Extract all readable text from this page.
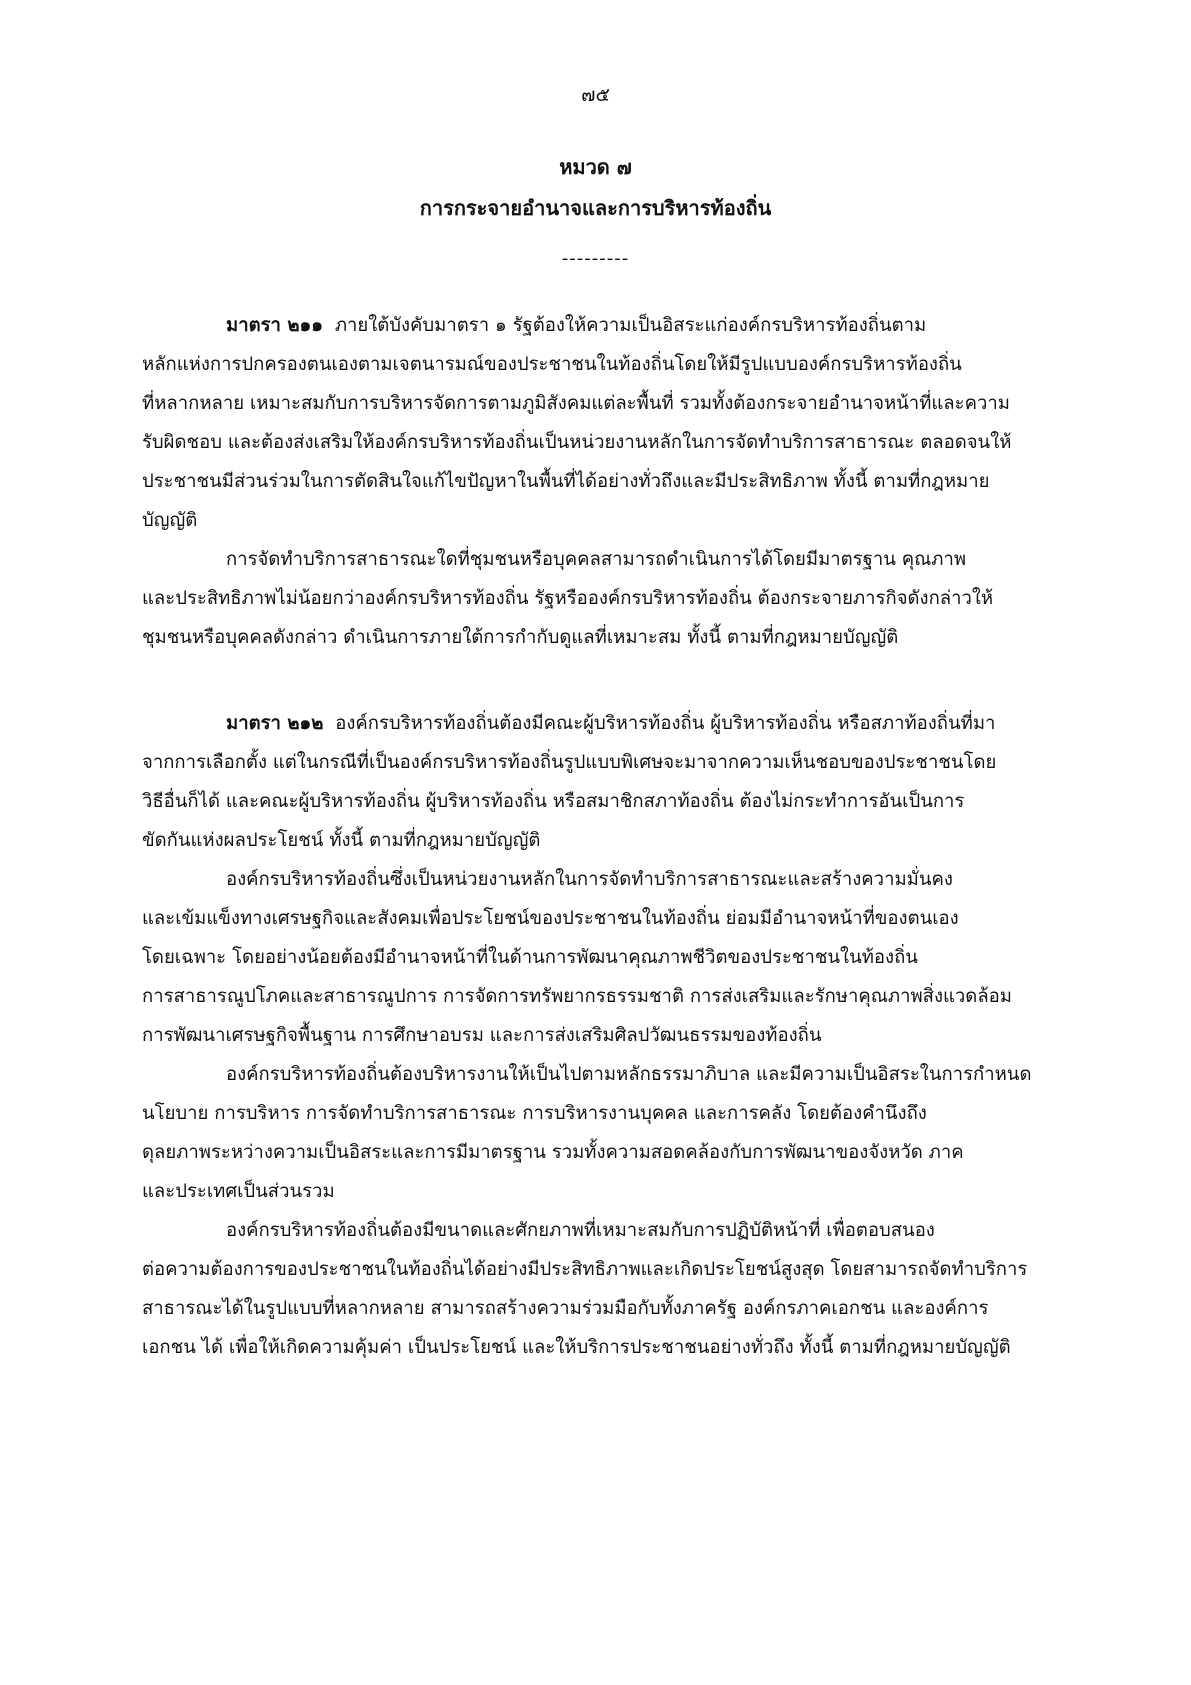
๗๕
หมวด ๗
การกระจายอำนาจและการบริหารท้องถิ่น
---------
มาตรา ๒๑๑ ภายใต้บังคับมาตรา ๑ รัฐต้องให้ความเป็นอิสระแก่องค์กรบริหารท้องถิ่นตาม
หลักแห่งการปกครองตนเองตามเจตนารมณ์ของประชาชนในท้องถิ่นโดยให้มีรูปแบบองค์กรบริหารท้องถิ่น
ที่หลากหลาย เหมาะสมกับการบริหารจัดการตามภูมิสังคมแต่ละพื้นที่ รวมทั้งต้องกระจายอำนาจหน้าที่และความ
รับผิดชอบ และต้องส่งเสริมให้องค์กรบริหารท้องถิ่นเป็นหน่วยงานหลักในการจัดทำบริการสาธารณะ ตลอดจนให้
ประชาชนมีส่วนร่วมในการตัดสินใจแก้ไขปัญหาในพื้นที่ได้อย่างทั่วถึงและมีประสิทธิภาพ ทั้งนี้ ตามที่กฎหมาย
บัญญัติ
การจัดทำบริการสาธารณะใดที่ชุมชนหรือบุคคลสามารถดำเนินการได้โดยมีมาตรฐาน คุณภาพ
และประสิทธิภาพไม่น้อยกว่าองค์กรบริหารท้องถิ่น รัฐหรือองค์กรบริหารท้องถิ่น ต้องกระจายภารกิจดังกล่าวให้
ชุมชนหรือบุคคลดังกล่าว ดำเนินการภายใต้การกำกับดูแลที่เหมาะสม ทั้งนี้ ตามที่กฎหมายบัญญัติ
มาตรา ๒๑๒ องค์กรบริหารท้องถิ่นต้องมีคณะผู้บริหารท้องถิ่น ผู้บริหารท้องถิ่น หรือสภาท้องถิ่นที่มา
จากการเลือกตั้ง แต่ในกรณีที่เป็นองค์กรบริหารท้องถิ่นรูปแบบพิเศษจะมาจากความเห็นชอบของประชาชนโดย
วิธีอื่นก็ได้ และคณะผู้บริหารท้องถิ่น ผู้บริหารท้องถิ่น หรือสมาชิกสภาท้องถิ่น ต้องไม่กระทำการอันเป็นการ
ขัดกันแห่งผลประโยชน์ ทั้งนี้ ตามที่กฎหมายบัญญัติ
องค์กรบริหารท้องถิ่นซึ่งเป็นหน่วยงานหลักในการจัดทำบริการสาธารณะและสร้างความมั่นคง
และเข้มแข็งทางเศรษฐกิจและสังคมเพื่อประโยชน์ของประชาชนในท้องถิ่น ย่อมมีอำนาจหน้าที่ของตนเอง
โดยเฉพาะ โดยอย่างน้อยต้องมีอำนาจหน้าที่ในด้านการพัฒนาคุณภาพชีวิตของประชาชนในท้องถิ่น
การสาธารณูปโภคและสาธารณูปการ การจัดการทรัพยากรธรรมชาติ การส่งเสริมและรักษาคุณภาพสิ่งแวดล้อม
การพัฒนาเศรษฐกิจพื้นฐาน การศึกษาอบรม และการส่งเสริมศิลปวัฒนธรรมของท้องถิ่น
องค์กรบริหารท้องถิ่นต้องบริหารงานให้เป็นไปตามหลักธรรมาภิบาล และมีความเป็นอิสระในการกำหนด
นโยบาย การบริหาร การจัดทำบริการสาธารณะ การบริหารงานบุคคล และการคลัง โดยต้องคำนึงถึง
ดุลยภาพระหว่างความเป็นอิสระและการมีมาตรฐาน รวมทั้งความสอดคล้องกับการพัฒนาของจังหวัด ภาค
และประเทศเป็นส่วนรวม
องค์กรบริหารท้องถิ่นต้องมีขนาดและศักยภาพที่เหมาะสมกับการปฏิบัติหน้าที่ เพื่อตอบสนอง
ต่อความต้องการของประชาชนในท้องถิ่นได้อย่างมีประสิทธิภาพและเกิดประโยชน์สูงสุด โดยสามารถจัดทำบริการ
สาธารณะได้ในรูปแบบที่หลากหลาย สามารถสร้างความร่วมมือกับทั้งภาครัฐ องค์กรภาคเอกชน และองค์การ
เอกชน ได้ เพื่อให้เกิดความคุ้มค่า เป็นประโยชน์ และให้บริการประชาชนอย่างทั่วถึง ทั้งนี้ ตามที่กฎหมายบัญญัติ
